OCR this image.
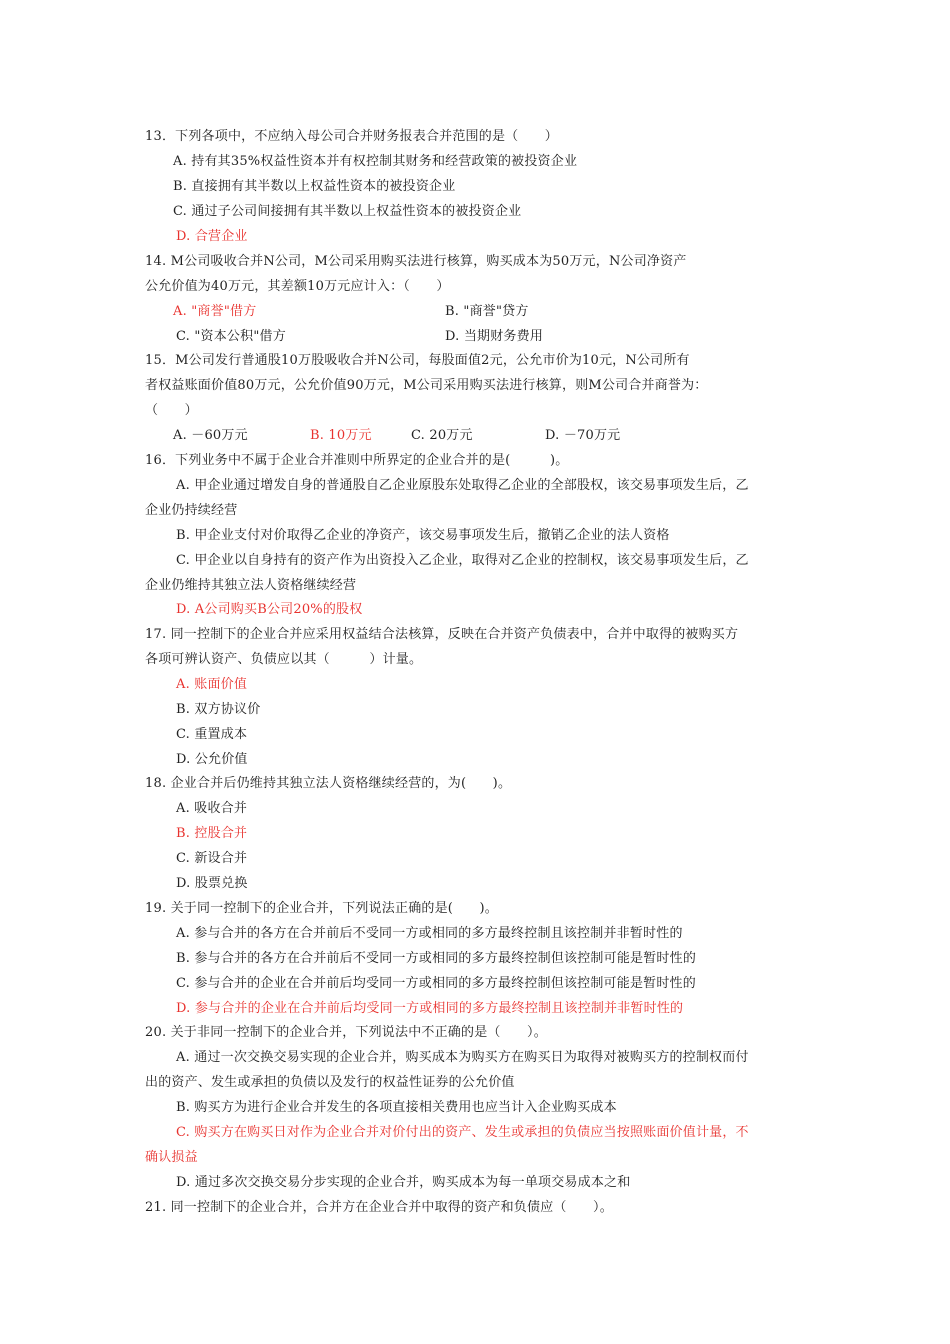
13．下列各项中，不应纳入母公司合并财务报表合并范围的是（　　）
A. 持有其35%权益性资本并有权控制其财务和经营政策的被投资企业
B. 直接拥有其半数以上权益性资本的被投资企业
C. 通过子公司间接拥有其半数以上权益性资本的被投资企业
D. 合营企业
14. M公司吸收合并N公司，M公司采用购买法进行核算，购买成本为50万元，N公司净资产
公允价值为40万元，其差额10万元应计入：（　　）
A. "商誉"借方	B. "商誉"贷方
C. "资本公积"借方	D. 当期财务费用
15．M公司发行普通股10万股吸收合并N公司，每股面值2元，公允市价为10元，N公司所有
者权益账面价值80万元，公允价值90万元，M公司采用购买法进行核算，则M公司合并商誉为：
（　　）
A. －60万元	B. 10万元	C. 20万元	D. －70万元
16．下列业务中不属于企业合并准则中所界定的企业合并的是(　　　)。
A. 甲企业通过增发自身的普通股自乙企业原股东处取得乙企业的全部股权，该交易事项发生后，乙
企业仍持续经营
B. 甲企业支付对价取得乙企业的净资产，该交易事项发生后，撤销乙企业的法人资格
C. 甲企业以自身持有的资产作为出资投入乙企业，取得对乙企业的控制权，该交易事项发生后，乙
企业仍维持其独立法人资格继续经营
D. A公司购买B公司20%的股权
17. 同一控制下的企业合并应采用权益结合法核算，反映在合并资产负债表中，合并中取得的被购买方
各项可辨认资产、负债应以其（　　　）计量。
A. 账面价值
B. 双方协议价
C. 重置成本
D. 公允价值
18. 企业合并后仍维持其独立法人资格继续经营的，为(　　)。
A. 吸收合并
B. 控股合并
C. 新设合并
D. 股票兑换
19. 关于同一控制下的企业合并，下列说法正确的是(　　)。
A. 参与合并的各方在合并前后不受同一方或相同的多方最终控制且该控制并非暂时性的
B. 参与合并的各方在合并前后不受同一方或相同的多方最终控制但该控制可能是暂时性的
C. 参与合并的企业在合并前后均受同一方或相同的多方最终控制但该控制可能是暂时性的
D. 参与合并的企业在合并前后均受同一方或相同的多方最终控制且该控制并非暂时性的
20. 关于非同一控制下的企业合并，下列说法中不正确的是（　　）。
A. 通过一次交换交易实现的企业合并，购买成本为购买方在购买日为取得对被购买方的控制权而付
出的资产、发生或承担的负债以及发行的权益性证券的公允价值
B. 购买方为进行企业合并发生的各项直接相关费用也应当计入企业购买成本
C. 购买方在购买日对作为企业合并对价付出的资产、发生或承担的负债应当按照账面价值计量，不
确认损益
D. 通过多次交换交易分步实现的企业合并，购买成本为每一单项交易成本之和
21. 同一控制下的企业合并，合并方在企业合并中取得的资产和负债应（　　）。
